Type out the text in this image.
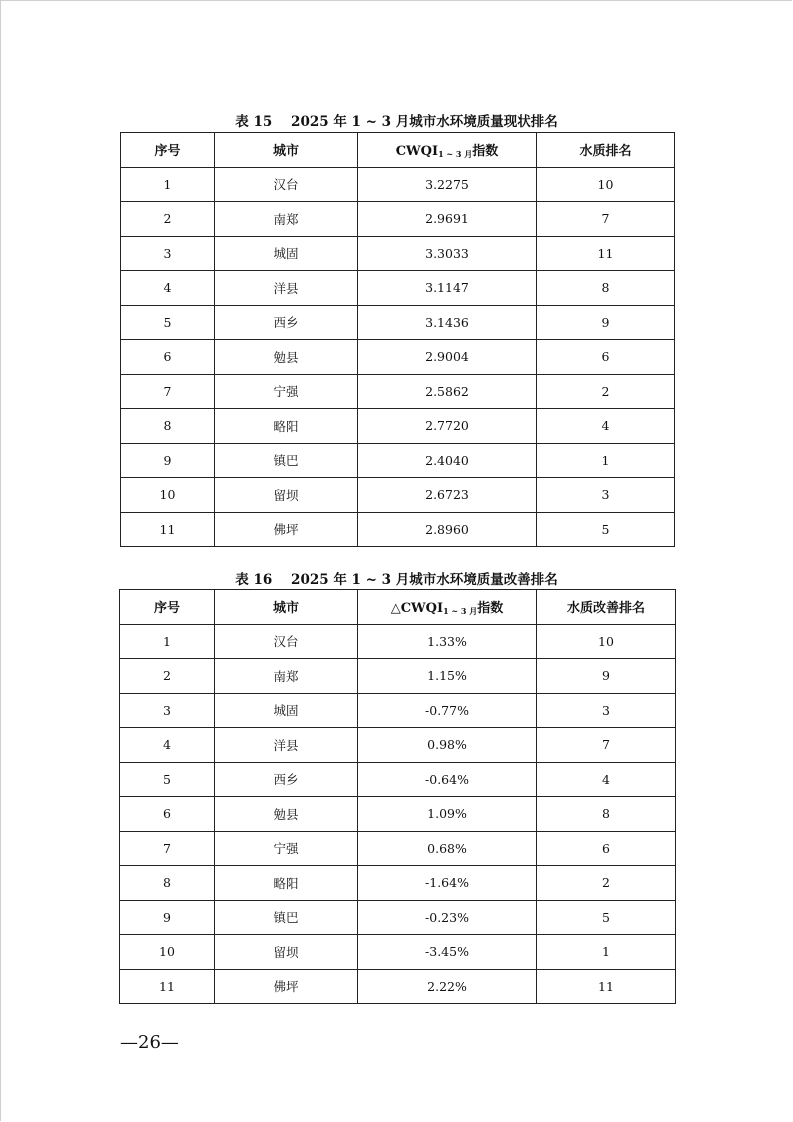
表 15    2025 年 1 ~ 3 月城市水环境质量现状排名
序号	城市	$CWQI_{1 \sim 3 月}$指数	水质排名
1	汉台	3.2275	10
2	南郑	2.9691	7
3	城固	3.3033	11
4	洋县	3.1147	8
5	西乡	3.1436	9
6	勉县	2.9004	6
7	宁强	2.5862	2
8	略阳	2.7720	4
9	镇巴	2.4040	1
10	留坝	2.6723	3
11	佛坪	2.8960	5
表 16    2025 年 1 ~ 3 月城市水环境质量改善排名
序号	城市	$\triangle CWQI_{1 \sim 3 月}$指数	水质改善排名
1	汉台	1.33%	10
2	南郑	1.15%	9
3	城固	-0.77%	3
4	洋县	0.98%	7
5	西乡	-0.64%	4
6	勉县	1.09%	8
7	宁强	0.68%	6
8	略阳	-1.64%	2
9	镇巴	-0.23%	5
10	留坝	-3.45%	1
11	佛坪	2.22%	11
—26—
